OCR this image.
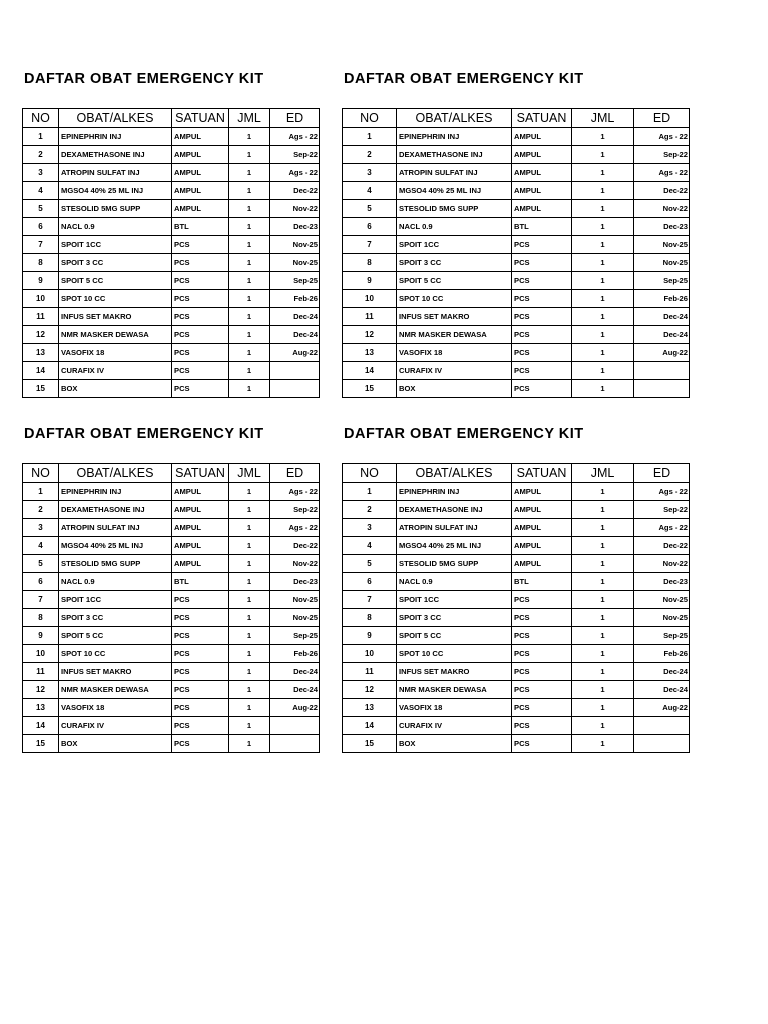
DAFTAR OBAT EMERGENCY KIT
NO	OBAT/ALKES	SATUAN	JML	ED
1	EPINEPHRIN INJ	AMPUL	1	Ags - 22
2	DEXAMETHASONE INJ	AMPUL	1	Sep-22
3	ATROPIN SULFAT INJ	AMPUL	1	Ags - 22
4	MGSO4 40% 25 ML INJ	AMPUL	1	Dec-22
5	STESOLID 5MG SUPP	AMPUL	1	Nov-22
6	NACL 0.9	BTL	1	Dec-23
7	SPOIT 1CC	PCS	1	Nov-25
8	SPOIT 3 CC	PCS	1	Nov-25
9	SPOIT 5 CC	PCS	1	Sep-25
10	SPOT 10 CC	PCS	1	Feb-26
11	INFUS SET MAKRO	PCS	1	Dec-24
12	NMR MASKER DEWASA	PCS	1	Dec-24
13	VASOFIX 18	PCS	1	Aug-22
14	CURAFIX IV	PCS	1	
15	BOX	PCS	1	
DAFTAR OBAT EMERGENCY KIT
NO	OBAT/ALKES	SATUAN	JML	ED
1	EPINEPHRIN INJ	AMPUL	1	Ags - 22
2	DEXAMETHASONE INJ	AMPUL	1	Sep-22
3	ATROPIN SULFAT INJ	AMPUL	1	Ags - 22
4	MGSO4 40% 25 ML INJ	AMPUL	1	Dec-22
5	STESOLID 5MG SUPP	AMPUL	1	Nov-22
6	NACL 0.9	BTL	1	Dec-23
7	SPOIT 1CC	PCS	1	Nov-25
8	SPOIT 3 CC	PCS	1	Nov-25
9	SPOIT 5 CC	PCS	1	Sep-25
10	SPOT 10 CC	PCS	1	Feb-26
11	INFUS SET MAKRO	PCS	1	Dec-24
12	NMR MASKER DEWASA	PCS	1	Dec-24
13	VASOFIX 18	PCS	1	Aug-22
14	CURAFIX IV	PCS	1	
15	BOX	PCS	1	
DAFTAR OBAT EMERGENCY KIT
NO	OBAT/ALKES	SATUAN	JML	ED
1	EPINEPHRIN INJ	AMPUL	1	Ags - 22
2	DEXAMETHASONE INJ	AMPUL	1	Sep-22
3	ATROPIN SULFAT INJ	AMPUL	1	Ags - 22
4	MGSO4 40% 25 ML INJ	AMPUL	1	Dec-22
5	STESOLID 5MG SUPP	AMPUL	1	Nov-22
6	NACL 0.9	BTL	1	Dec-23
7	SPOIT 1CC	PCS	1	Nov-25
8	SPOIT 3 CC	PCS	1	Nov-25
9	SPOIT 5 CC	PCS	1	Sep-25
10	SPOT 10 CC	PCS	1	Feb-26
11	INFUS SET MAKRO	PCS	1	Dec-24
12	NMR MASKER DEWASA	PCS	1	Dec-24
13	VASOFIX 18	PCS	1	Aug-22
14	CURAFIX IV	PCS	1	
15	BOX	PCS	1	
DAFTAR OBAT EMERGENCY KIT
NO	OBAT/ALKES	SATUAN	JML	ED
1	EPINEPHRIN INJ	AMPUL	1	Ags - 22
2	DEXAMETHASONE INJ	AMPUL	1	Sep-22
3	ATROPIN SULFAT INJ	AMPUL	1	Ags - 22
4	MGSO4 40% 25 ML INJ	AMPUL	1	Dec-22
5	STESOLID 5MG SUPP	AMPUL	1	Nov-22
6	NACL 0.9	BTL	1	Dec-23
7	SPOIT 1CC	PCS	1	Nov-25
8	SPOIT 3 CC	PCS	1	Nov-25
9	SPOIT 5 CC	PCS	1	Sep-25
10	SPOT 10 CC	PCS	1	Feb-26
11	INFUS SET MAKRO	PCS	1	Dec-24
12	NMR MASKER DEWASA	PCS	1	Dec-24
13	VASOFIX 18	PCS	1	Aug-22
14	CURAFIX IV	PCS	1	
15	BOX	PCS	1	
